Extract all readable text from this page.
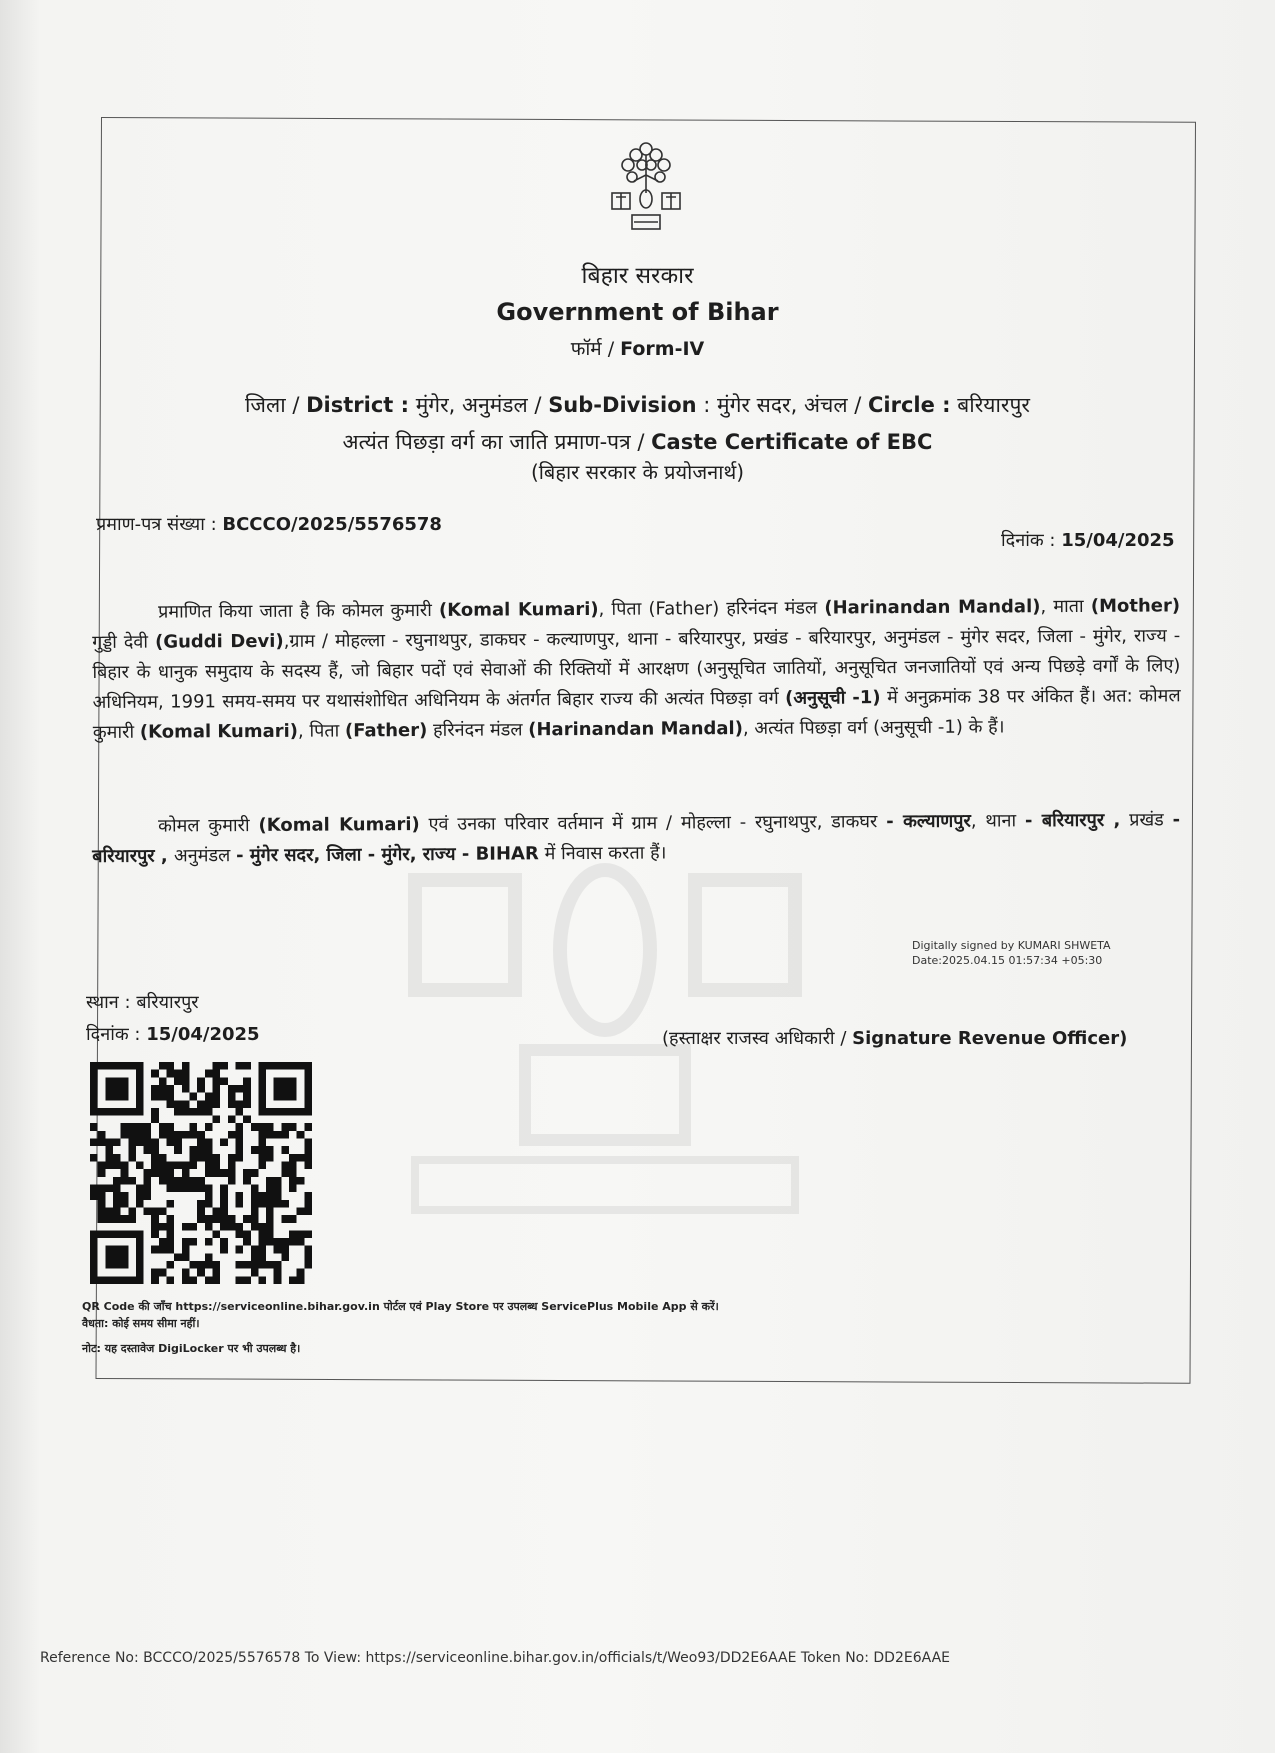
बिहार सरकार
Government of Bihar
फॉर्म / Form-IV
जिला / District : मुंगेर, अनुमंडल / Sub-Division : मुंगेर सदर, अंचल / Circle : बरियारपुर
अत्यंत पिछड़ा वर्ग का जाति प्रमाण-पत्र / Caste Certificate of EBC
(बिहार सरकार के प्रयोजनार्थ)
प्रमाण-पत्र संख्या : BCCCO/2025/5576578
दिनांक : 15/04/2025
प्रमाणित किया जाता है कि कोमल कुमारी (Komal Kumari), पिता (Father) हरिनंदन मंडल (Harinandan Mandal), माता (Mother) गुड्डी देवी (Guddi Devi),ग्राम / मोहल्ला - रघुनाथपुर, डाकघर - कल्याणपुर, थाना - बरियारपुर, प्रखंड - बरियारपुर, अनुमंडल - मुंगेर सदर, जिला - मुंगेर, राज्य - बिहार के धानुक समुदाय के सदस्य हैं, जो बिहार पदों एवं सेवाओं की रिक्तियों में आरक्षण (अनुसूचित जातियों, अनुसूचित जनजातियों एवं अन्य पिछड़े वर्गों के लिए) अधिनियम, 1991 समय-समय पर यथासंशोधित अधिनियम के अंतर्गत बिहार राज्य की अत्यंत पिछड़ा वर्ग (अनुसूची -1) में अनुक्रमांक 38 पर अंकित हैं। अत: कोमल कुमारी (Komal Kumari), पिता (Father) हरिनंदन मंडल (Harinandan Mandal), अत्यंत पिछड़ा वर्ग (अनुसूची -1) के हैं।
कोमल कुमारी (Komal Kumari) एवं उनका परिवार वर्तमान में ग्राम / मोहल्ला - रघुनाथपुर, डाकघर - कल्याणपुर, थाना - बरियारपुर , प्रखंड - बरियारपुर , अनुमंडल - मुंगेर सदर, जिला - मुंगेर, राज्य - BIHAR में निवास करता हैं।
Digitally signed by KUMARI SHWETA
Date:2025.04.15 01:57:34 +05:30
स्थान : बरियारपुर
दिनांक : 15/04/2025	(हस्ताक्षर राजस्व अधिकारी / Signature Revenue Officer)
QR Code की जाँच https://serviceonline.bihar.gov.in पोर्टल एवं Play Store पर उपलब्ध ServicePlus Mobile App से करें।
वैधता: कोई समय सीमा नहीं।
नोट: यह दस्तावेज DigiLocker पर भी उपलब्ध है।
Reference No: BCCCO/2025/5576578 To View: https://serviceonline.bihar.gov.in/officials/t/Weo93/DD2E6AAE Token No: DD2E6AAE
